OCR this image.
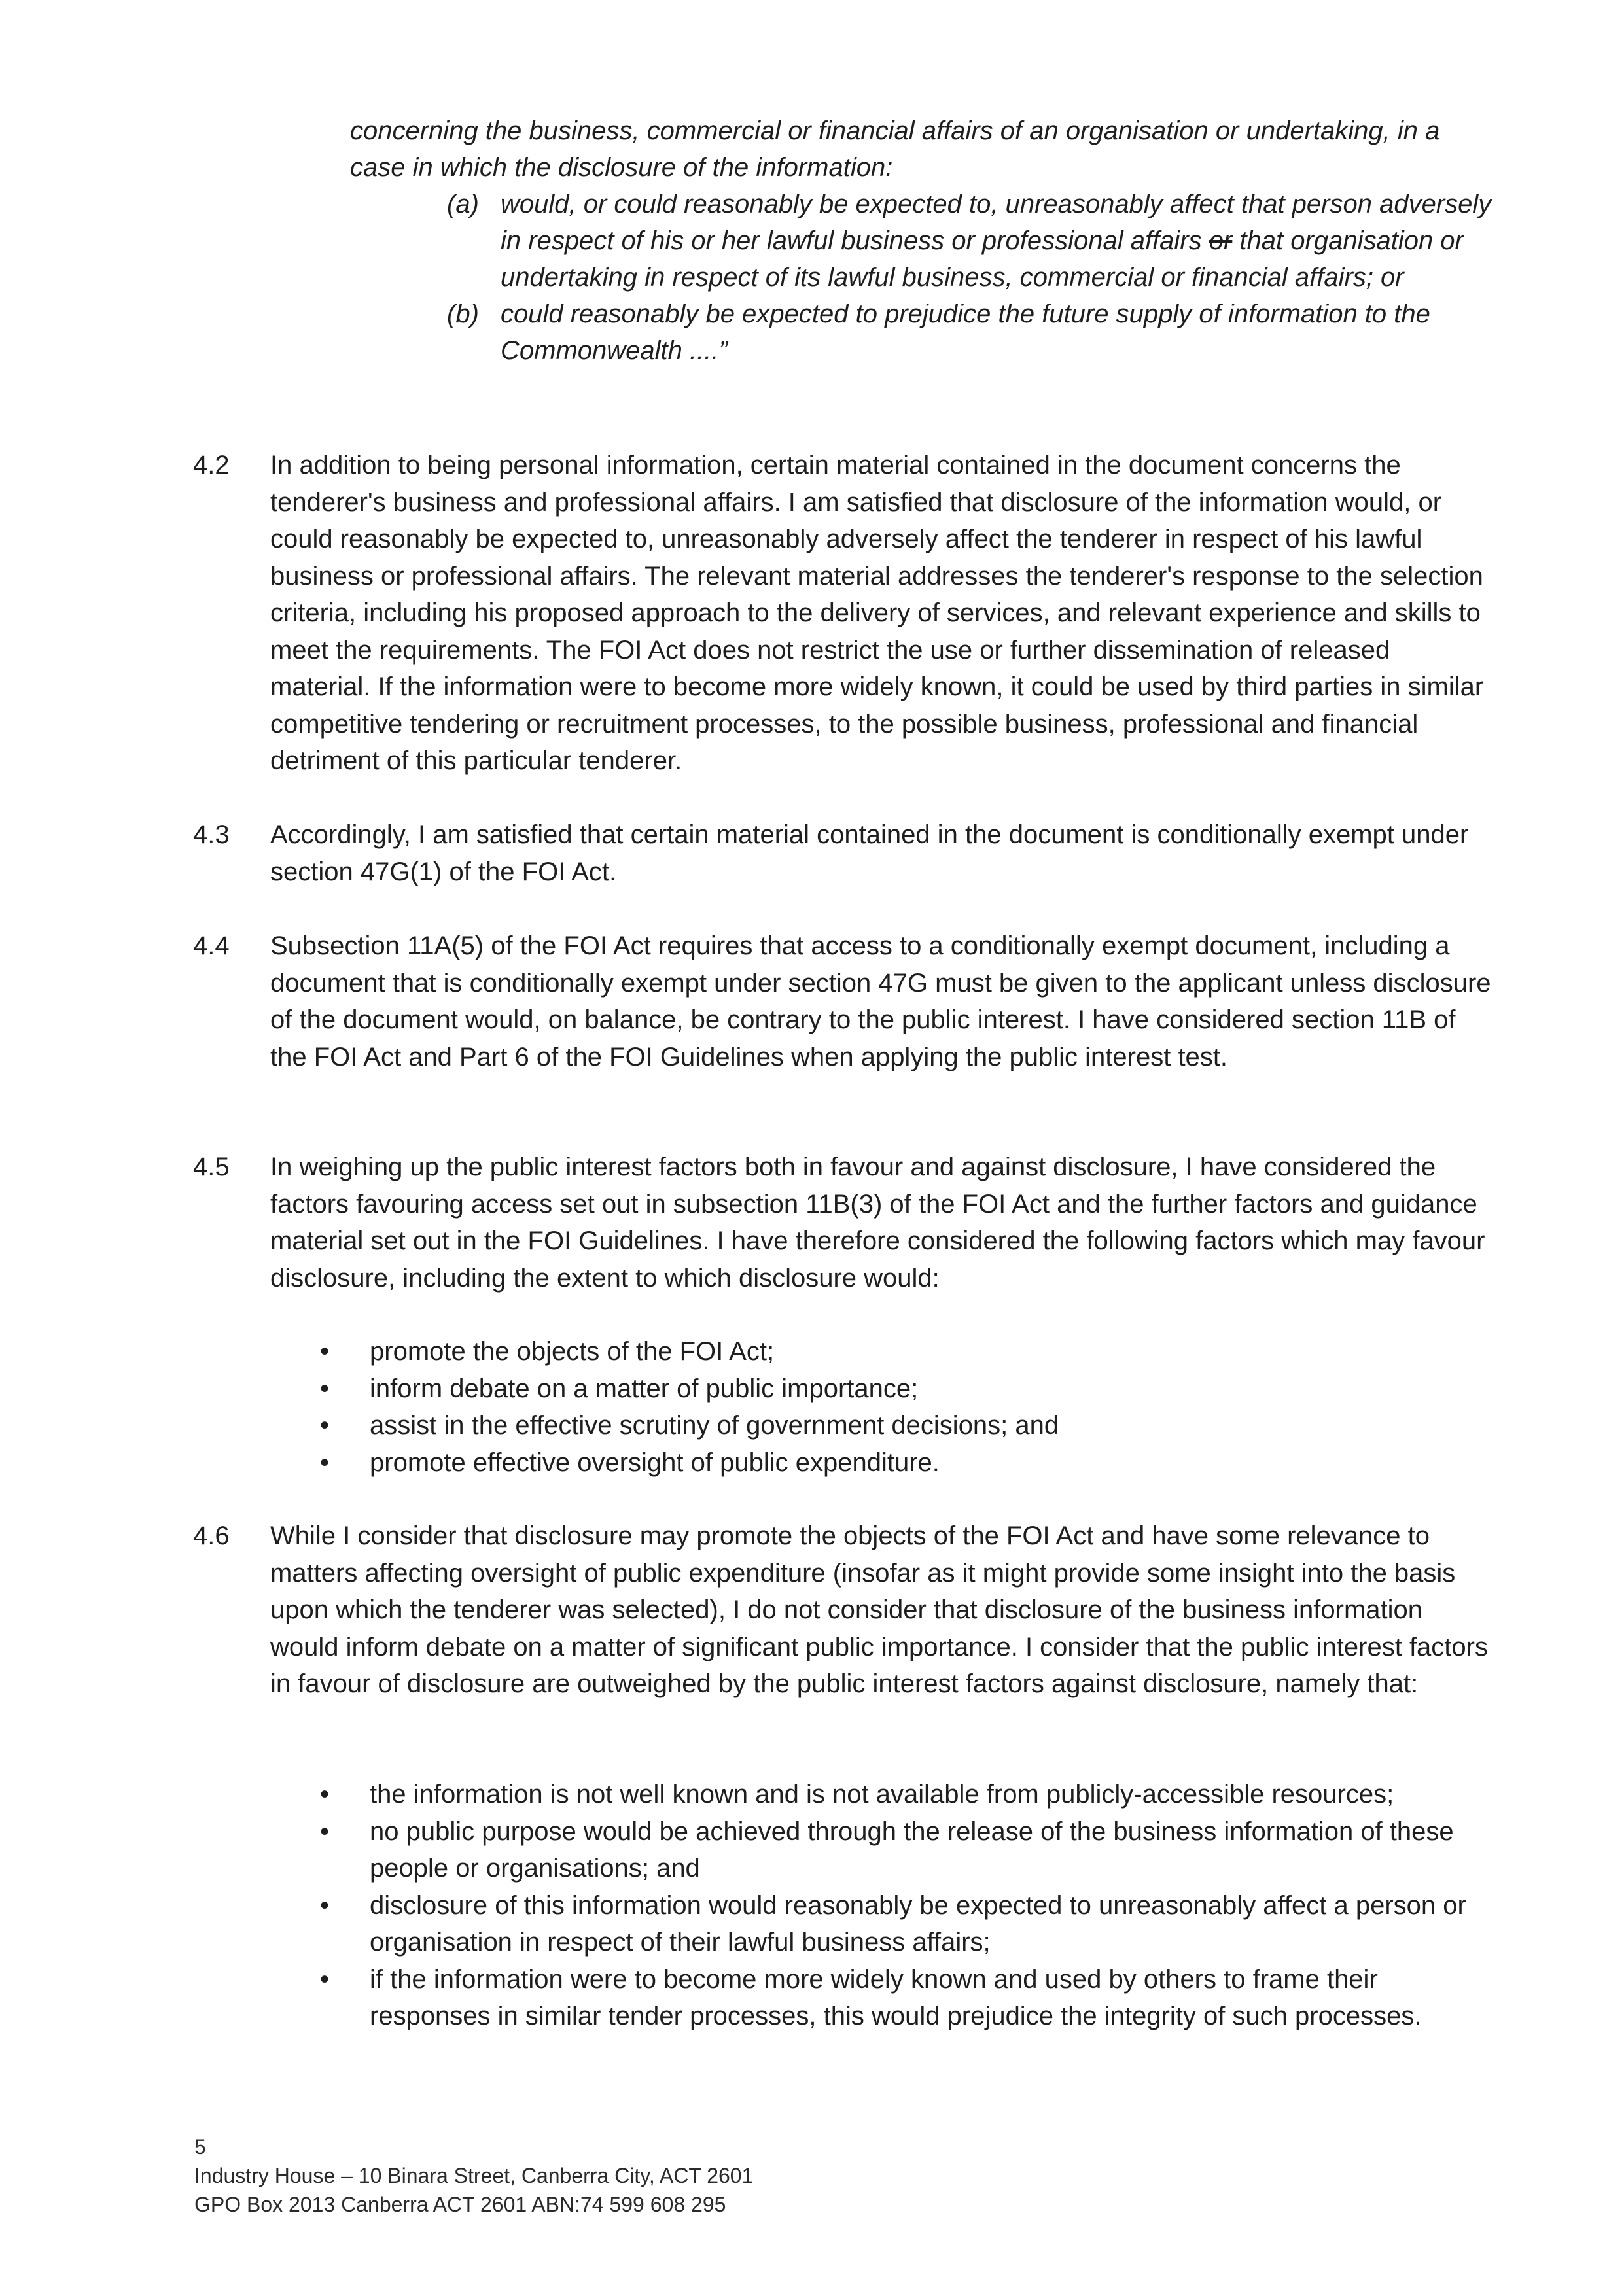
concerning the business, commercial or financial affairs of an organisation or undertaking, in a case in which the disclosure of the information:

(a) would, or could reasonably be expected to, unreasonably affect that person adversely in respect of his or her lawful business or professional affairs or that organisation or undertaking in respect of its lawful business, commercial or financial affairs; or

(b) could reasonably be expected to prejudice the future supply of information to the Commonwealth ....”

4.2 In addition to being personal information, certain material contained in the document concerns the tenderer's business and professional affairs. I am satisfied that disclosure of the information would, or could reasonably be expected to, unreasonably adversely affect the tenderer in respect of his lawful business or professional affairs. The relevant material addresses the tenderer's response to the selection criteria, including his proposed approach to the delivery of services, and relevant experience and skills to meet the requirements. The FOI Act does not restrict the use or further dissemination of released material. If the information were to become more widely known, it could be used by third parties in similar competitive tendering or recruitment processes, to the possible business, professional and financial detriment of this particular tenderer.
4.3 Accordingly, I am satisfied that certain material contained in the document is conditionally exempt under section 47G(1) of the FOI Act.
4.4 Subsection 11A(5) of the FOI Act requires that access to a conditionally exempt document, including a document that is conditionally exempt under section 47G must be given to the applicant unless disclosure of the document would, on balance, be contrary to the public interest. I have considered section 11B of the FOI Act and Part 6 of the FOI Guidelines when applying the public interest test.
4.5 In weighing up the public interest factors both in favour and against disclosure, I have considered the factors favouring access set out in subsection 11B(3) of the FOI Act and the further factors and guidance material set out in the FOI Guidelines. I have therefore considered the following factors which may favour disclosure, including the extent to which disclosure would:
• promote the objects of the FOI Act;
• inform debate on a matter of public importance;
• assist in the effective scrutiny of government decisions; and
• promote effective oversight of public expenditure.
4.6 While I consider that disclosure may promote the objects of the FOI Act and have some relevance to matters affecting oversight of public expenditure (insofar as it might provide some insight into the basis upon which the tenderer was selected), I do not consider that disclosure of the business information would inform debate on a matter of significant public importance. I consider that the public interest factors in favour of disclosure are outweighed by the public interest factors against disclosure, namely that:
• the information is not well known and is not available from publicly-accessible resources;
• no public purpose would be achieved through the release of the business information of these people or organisations; and
• disclosure of this information would reasonably be expected to unreasonably affect a person or organisation in respect of their lawful business affairs;
• if the information were to become more widely known and used by others to frame their responses in similar tender processes, this would prejudice the integrity of such processes.
5
Industry House – 10 Binara Street, Canberra City, ACT 2601
GPO Box 2013 Canberra ACT 2601 ABN:74 599 608 295
